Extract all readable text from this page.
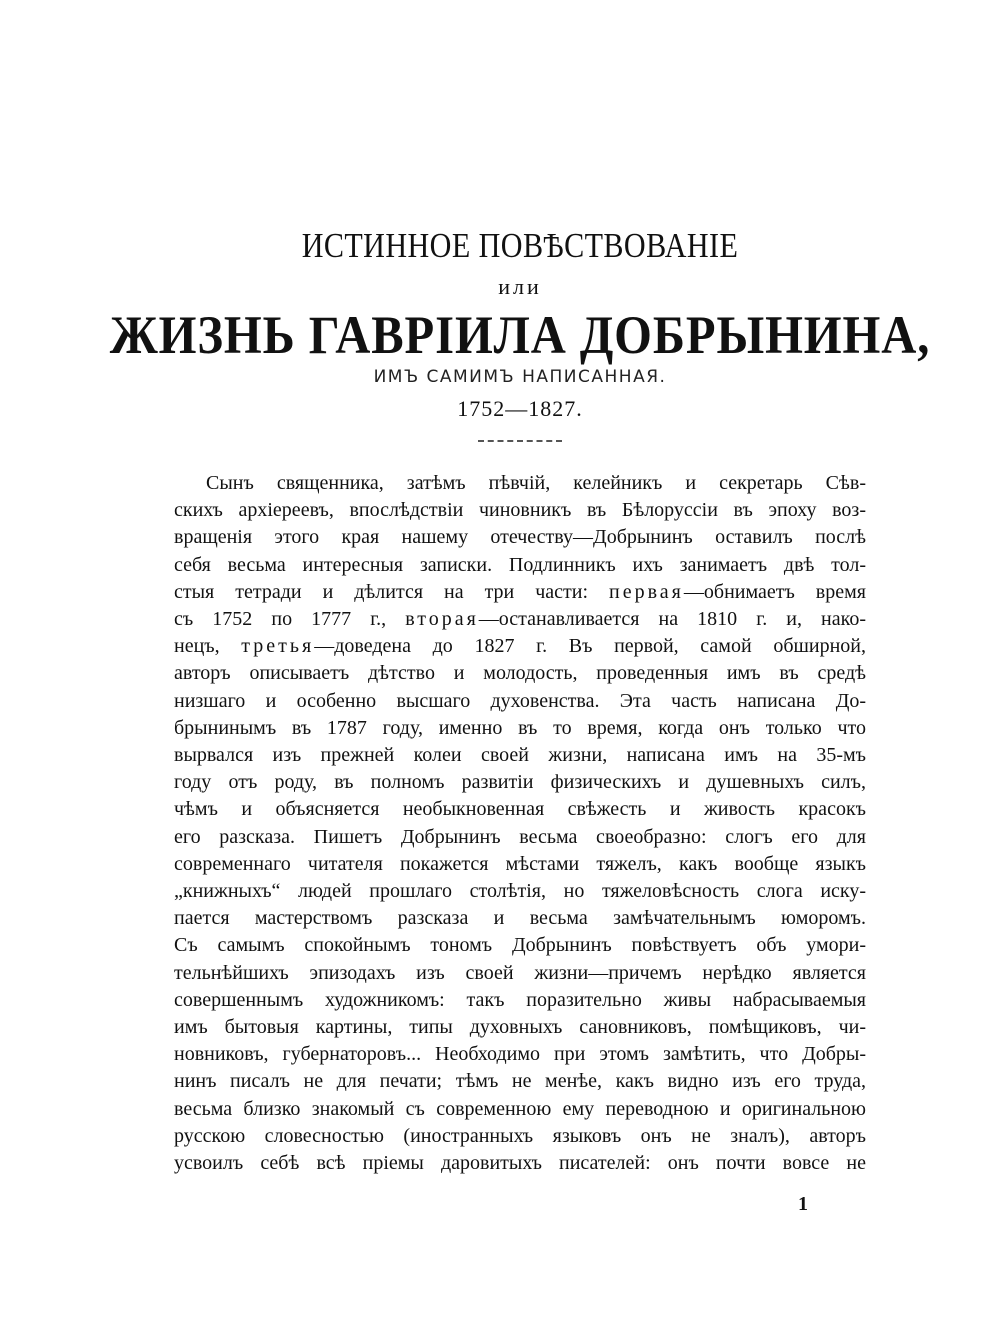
ИСТИННОЕ ПОВѢСТВОВАНІЕ
или
ЖИЗНЬ ГАВРІИЛА ДОБРЫНИНА,
ИМЪ САМИМЪ НАПИСАННАЯ.
1752—1827.
Сынъ священника, затѣмъ пѣвчій, келейникъ и секретарь Сѣв-
скихъ архіереевъ, впослѣдствіи чиновникъ въ Бѣлоруссіи въ эпоху воз-
вращенія этого края нашему отечеству—Добрынинъ оставилъ послѣ
себя весьма интересныя записки. Подлинникъ ихъ занимаетъ двѣ тол-
стыя тетради и дѣлится на три части: первая—обнимаетъ время
съ 1752 по 1777 г., вторая—останавливается на 1810 г. и, нако-
нецъ, третья—доведена до 1827 г. Въ первой, самой обширной,
авторъ описываетъ дѣтство и молодость, проведенныя имъ въ средѣ
низшаго и особенно высшаго духовенства. Эта часть написана До-
брынинымъ въ 1787 году, именно въ то время, когда онъ только что
вырвался изъ прежней колеи своей жизни, написана имъ на 35-мъ
году отъ роду, въ полномъ развитіи физическихъ и душевныхъ силъ,
чѣмъ и объясняется необыкновенная свѣжесть и живость красокъ
его разсказа. Пишетъ Добрынинъ весьма своеобразно: слогъ его для
современнаго читателя покажется мѣстами тяжелъ, какъ вообще языкъ
„книжныхъ“ людей прошлаго столѣтія, но тяжеловѣсность слога иску-
пается мастерствомъ разсказа и весьма замѣчательнымъ юморомъ.
Съ самымъ спокойнымъ тономъ Добрынинъ повѣствуетъ объ умори-
тельнѣйшихъ эпизодахъ изъ своей жизни—причемъ нерѣдко является
совершеннымъ художникомъ: такъ поразительно живы набрасываемыя
имъ бытовыя картины, типы духовныхъ сановниковъ, помѣщиковъ, чи-
новниковъ, губернаторовъ... Необходимо при этомъ замѣтить, что Добры-
нинъ писалъ не для печати; тѣмъ не менѣе, какъ видно изъ его труда,
весьма близко знакомый съ современною ему переводною и оригинальною
русскою словесностью (иностранныхъ языковъ онъ не зналъ), авторъ
усвоилъ себѣ всѣ пріемы даровитыхъ писателей: онъ почти вовсе не
1
